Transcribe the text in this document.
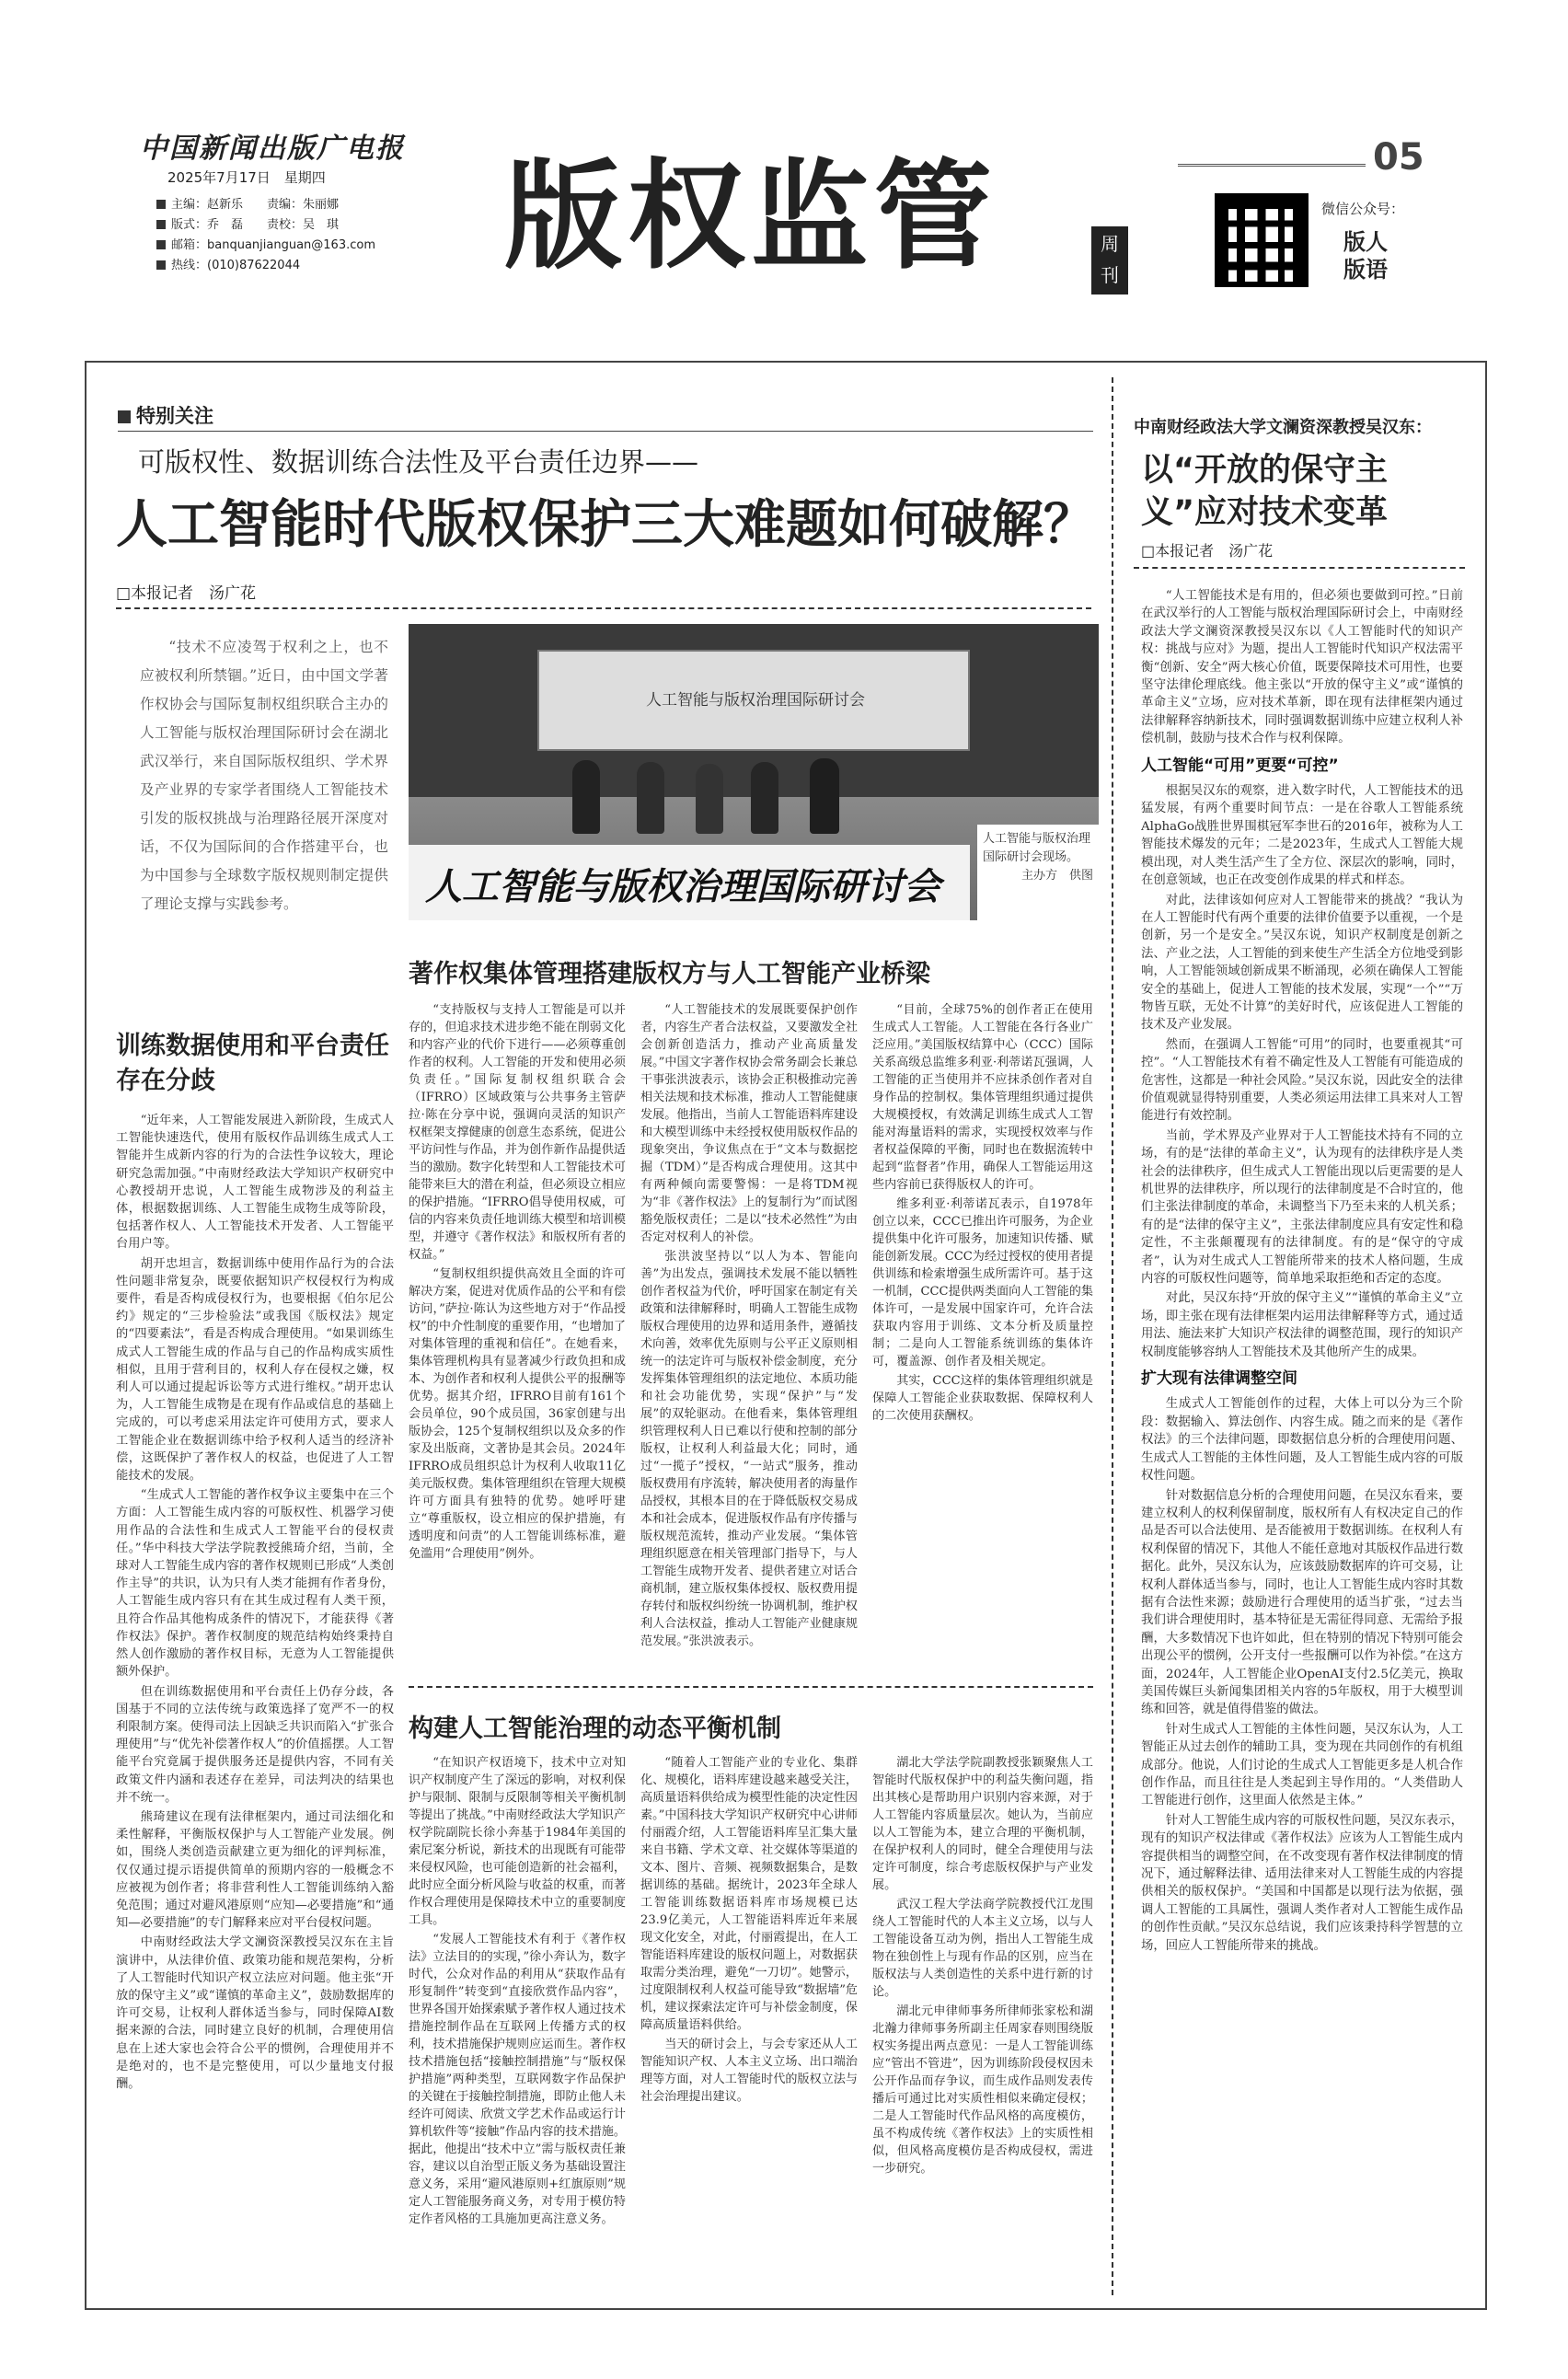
中国新闻出版广电报
2025年7月17日　星期四
主编：赵新乐　　责编：朱丽娜
版式：乔　磊　　责校：吴　琪
邮箱：banquanjianguan@163.com
热线：(010)87622044	版权监管	周刊
05
微信公众号：
版人版语
特别关注
可版权性、数据训练合法性及平台责任边界——
人工智能时代版权保护三大难题如何破解？
□本报记者　汤广花

“技术不应凌驾于权利之上，也不应被权利所禁锢。”近日，由中国文学著作权协会与国际复制权组织联合主办的人工智能与版权治理国际研讨会在湖北武汉举行，来自国际版权组织、学术界及产业界的专家学者围绕人工智能技术引发的版权挑战与治理路径展开深度对话，不仅为国际间的合作搭建平台，也为中国参与全球数字版权规则制定提供了理论支撑与实践参考。

人工智能与版权治理国际研讨会
人工智能与版权治理国际研讨会
人工智能与版权治理国际研讨会现场。
主办方　供图
著作权集体管理搭建版权方与人工智能产业桥梁
训练数据使用和平台责任存在分歧

“近年来，人工智能发展进入新阶段，生成式人工智能快速迭代，使用有版权作品训练生成式人工智能并生成新内容的行为的合法性争议较大，理论研究急需加强。”中南财经政法大学知识产权研究中心教授胡开忠说，人工智能生成物涉及的利益主体，根据数据训练、人工智能生成物生成等阶段，包括著作权人、人工智能技术开发者、人工智能平台用户等。

胡开忠坦言，数据训练中使用作品行为的合法性问题非常复杂，既要依据知识产权侵权行为构成要件，看是否构成侵权行为，也要根据《伯尔尼公约》规定的“三步检验法”或我国《版权法》规定的“四要素法”，看是否构成合理使用。“如果训练生成式人工智能生成的作品与自己的作品构成实质性相似，且用于营利目的，权利人存在侵权之嫌，权利人可以通过提起诉讼等方式进行维权。”胡开忠认为，人工智能生成物是在现有作品或信息的基础上完成的，可以考虑采用法定许可使用方式，要求人工智能企业在数据训练中给予权利人适当的经济补偿，这既保护了著作权人的权益，也促进了人工智能技术的发展。

“生成式人工智能的著作权争议主要集中在三个方面：人工智能生成内容的可版权性、机器学习使用作品的合法性和生成式人工智能平台的侵权责任。”华中科技大学法学院教授熊琦介绍，当前，全球对人工智能生成内容的著作权规则已形成“人类创作主导”的共识，认为只有人类才能拥有作者身份，人工智能生成内容只有在其生成过程有人类干预，且符合作品其他构成条件的情况下，才能获得《著作权法》保护。著作权制度的规范结构始终秉持自然人创作激励的著作权目标，无意为人工智能提供额外保护。

但在训练数据使用和平台责任上仍存分歧，各国基于不同的立法传统与政策选择了宽严不一的权利限制方案。使得司法上因缺乏共识而陷入“扩张合理使用”与“优先补偿著作权人”的价值摇摆。人工智能平台究竟属于提供服务还是提供内容，不同有关政策文件内涵和表述存在差异，司法判决的结果也并不统一。

熊琦建议在现有法律框架内，通过司法细化和柔性解释，平衡版权保护与人工智能产业发展。例如，围绕人类创造贡献建立更为细化的评判标准，仅仅通过提示语提供简单的预期内容的一般概念不应被视为创作者；将非营利性人工智能训练纳入豁免范围；通过对避风港原则“应知—必要措施”和“通知—必要措施”的专门解释来应对平台侵权问题。

中南财经政法大学文澜资深教授吴汉东在主旨演讲中，从法律价值、政策功能和规范架构，分析了人工智能时代知识产权立法应对问题。他主张“开放的保守主义”或“谨慎的革命主义”，鼓励数据库的许可交易，让权利人群体适当参与，同时保障AI数据来源的合法，同时建立良好的机制，合理使用信息在上述大家也会符合公平的惯例，合理使用并不是绝对的，也不是完整使用，可以少量地支付报酬。

“支持版权与支持人工智能是可以并存的，但追求技术进步绝不能在削弱文化和内容产业的代价下进行——必须尊重创作者的权利。人工智能的开发和使用必须负责任。”国际复制权组织联合会（IFRRO）区域政策与公共事务主管萨拉·陈在分享中说，强调向灵活的知识产权框架支撑健康的创意生态系统，促进公平访问性与作品，并为创作新作品提供适当的激励。数字化转型和人工智能技术可能带来巨大的潜在利益，但必须设立相应的保护措施。“IFRRO倡导使用权威，可信的内容来负责任地训练大模型和培训模型，并遵守《著作权法》和版权所有者的权益。”

“复制权组织提供高效且全面的许可解决方案，促进对优质作品的公平和有偿访问，”萨拉·陈认为这些地方对于“作品授权”的中介性制度的重要作用，“也增加了对集体管理的重视和信任”。在她看来，集体管理机构具有显著减少行政负担和成本、为创作者和权利人提供公平的报酬等优势。据其介绍，IFRRO目前有161个会员单位，90个成员国，36家创建与出版协会，125个复制权组织以及众多的作家及出版商，文著协是其会员。2024年IFRRO成员组织总计为权利人收取11亿美元版权费。集体管理组织在管理大规模许可方面具有独特的优势。她呼吁建立“尊重版权，设立相应的保护措施，有透明度和问责”的人工智能训练标准，避免滥用“合理使用”例外。

“人工智能技术的发展既要保护创作者，内容生产者合法权益，又要激发全社会创新创造活力，推动产业高质量发展。”中国文字著作权协会常务副会长兼总干事张洪波表示，该协会正积极推动完善相关法规和技术标准，推动人工智能健康发展。他指出，当前人工智能语料库建设和大模型训练中未经授权使用版权作品的现象突出，争议焦点在于“文本与数据挖掘（TDM）”是否构成合理使用。这其中有两种倾向需要警惕：一是将TDM视为“非《著作权法》上的复制行为”而试图豁免版权责任；二是以“技术必然性”为由否定对权利人的补偿。

张洪波坚持以“以人为本、智能向善”为出发点，强调技术发展不能以牺牲创作者权益为代价，呼吁国家在制定有关政策和法律解释时，明确人工智能生成物版权合理使用的边界和适用条件，遵循技术向善，效率优先原则与公平正义原则相统一的法定许可与版权补偿金制度，充分发挥集体管理组织的法定地位、本质功能和社会功能优势，实现“保护”与“发展”的双轮驱动。在他看来，集体管理组织管理权利人日已难以行使和控制的部分版权，让权利人利益最大化；同时，通过“一揽子”授权，“一站式”服务，推动版权费用有序流转，解决使用者的海量作品授权，其根本目的在于降低版权交易成本和社会成本，促进版权作品有序传播与版权规范流转，推动产业发展。“集体管理组织愿意在相关管理部门指导下，与人工智能生成物开发者、提供者建立对话合商机制，建立版权集体授权、版权费用提存转付和版权纠纷统一协调机制，维护权利人合法权益，推动人工智能产业健康规范发展。”张洪波表示。

“目前，全球75%的创作者正在使用生成式人工智能。人工智能在各行各业广泛应用。”美国版权结算中心（CCC）国际关系高级总监维多利亚·利蒂诺瓦强调，人工智能的正当使用并不应抹杀创作者对自身作品的控制权。集体管理组织通过提供大规模授权，有效满足训练生成式人工智能对海量语料的需求，实现授权效率与作者权益保障的平衡，同时也在数据流转中起到“监督者”作用，确保人工智能运用这些内容前已获得版权人的许可。

维多利亚·利蒂诺瓦表示，自1978年创立以来，CCC已推出许可服务，为企业提供集中化许可服务，加速知识传播、赋能创新发展。CCC为经过授权的使用者提供训练和检索增强生成所需许可。基于这一机制，CCC提供两类面向人工智能的集体许可，一是发展中国家许可，允许合法获取内容用于训练、文本分析及质量控制；二是向人工智能系统训练的集体许可，覆盖源、创作者及相关规定。

其实，CCC这样的集体管理组织就是保障人工智能企业获取数据、保障权利人的二次使用获酬权。

构建人工智能治理的动态平衡机制

“在知识产权语境下，技术中立对知识产权制度产生了深远的影响，对权利保护与限制、限制与反限制等相关平衡机制等提出了挑战。”中南财经政法大学知识产权学院副院长徐小奔基于1984年美国的索尼案分析说，新技术的出现既有可能带来侵权风险，也可能创造新的社会福利，此时应全面分析风险与收益的权重，而著作权合理使用是保障技术中立的重要制度工具。

“发展人工智能技术有利于《著作权法》立法目的的实现，”徐小奔认为，数字时代，公众对作品的利用从“获取作品有形复制件”转变到“直接欣赏作品内容”，世界各国开始探索赋予著作权人通过技术措施控制作品在互联网上传播方式的权利，技术措施保护规则应运而生。著作权技术措施包括“接触控制措施”与“版权保护措施”两种类型，互联网数字作品保护的关键在于接触控制措施，即防止他人未经许可阅读、欣赏文学艺术作品或运行计算机软件等“接触”作品内容的技术措施。据此，他提出“技术中立”需与版权责任兼容，建议以自治型正版义务为基础设置注意义务，采用“避风港原则+红旗原则”规定人工智能服务商义务，对专用于模仿特定作者风格的工具施加更高注意义务。

“随着人工智能产业的专业化、集群化、规模化，语料库建设越来越受关注，高质量语料供给成为模型性能的决定性因素。”中国科技大学知识产权研究中心讲师付丽霞介绍，人工智能语料库呈汇集大量来自书籍、学术文章、社交媒体等渠道的文本、图片、音频、视频数据集合，是数据训练的基础。据统计，2023年全球人工智能训练数据语料库市场规模已达23.9亿美元，人工智能语料库近年来展现文化安全，对此，付丽霞提出，在人工智能语料库建设的版权问题上，对数据获取需分类治理，避免“一刀切”。她警示，过度限制权利人权益可能导致“数据墙”危机，建议探索法定许可与补偿金制度，保障高质量语料供给。

当天的研讨会上，与会专家还从人工智能知识产权、人本主义立场、出口端治理等方面，对人工智能时代的版权立法与社会治理提出建议。

湖北大学法学院副教授张颖聚焦人工智能时代版权保护中的利益失衡问题，指出其核心是帮助用户识别内容来源，对于人工智能内容质量层次。她认为，当前应以人工智能为本，建立合理的平衡机制，在保护权利人的同时，健全合理使用与法定许可制度，综合考虑版权保护与产业发展。

武汉工程大学法商学院教授代江龙围绕人工智能时代的人本主义立场，以与人工智能设备互动为例，指出人工智能生成物在独创性上与现有作品的区别，应当在版权法与人类创造性的关系中进行新的讨论。

湖北元申律师事务所律师张家松和湖北瀚力律师事务所副主任周家春则围绕版权实务提出两点意见：一是人工智能训练应“管出不管进”，因为训练阶段侵权因未公开作品而存争议，而生成作品则发表传播后可通过比对实质性相似来确定侵权；二是人工智能时代作品风格的高度模仿，虽不构成传统《著作权法》上的实质性相似，但风格高度模仿是否构成侵权，需进一步研究。

中南财经政法大学文澜资深教授吴汉东：
以“开放的保守主义”应对技术变革
□本报记者　汤广花

“人工智能技术是有用的，但必须也要做到可控。”日前在武汉举行的人工智能与版权治理国际研讨会上，中南财经政法大学文澜资深教授吴汉东以《人工智能时代的知识产权：挑战与应对》为题，提出人工智能时代知识产权法需平衡“创新、安全”两大核心价值，既要保障技术可用性，也要坚守法律伦理底线。他主张以“开放的保守主义”或“谨慎的革命主义”立场，应对技术革新，即在现有法律框架内通过法律解释容纳新技术，同时强调数据训练中应建立权利人补偿机制，鼓励与技术合作与权利保障。

人工智能“可用”更要“可控”

根据吴汉东的观察，进入数字时代，人工智能技术的迅猛发展，有两个重要时间节点：一是在谷歌人工智能系统AlphaGo战胜世界围棋冠军李世石的2016年，被称为人工智能技术爆发的元年；二是2023年，生成式人工智能大规模出现，对人类生活产生了全方位、深层次的影响，同时，在创意领域，也正在改变创作成果的样式和样态。

对此，法律该如何应对人工智能带来的挑战？“我认为在人工智能时代有两个重要的法律价值要予以重视，一个是创新，另一个是安全。”吴汉东说，知识产权制度是创新之法、产业之法，人工智能的到来使生产生活全方位地受到影响，人工智能领域创新成果不断涌现，必须在确保人工智能安全的基础上，促进人工智能的技术发展，实现“一个”“万物皆互联，无处不计算”的美好时代，应该促进人工智能的技术及产业发展。

然而，在强调人工智能“可用”的同时，也要重视其“可控”。“人工智能技术有着不确定性及人工智能有可能造成的危害性，这都是一种社会风险。”吴汉东说，因此安全的法律价值观就显得特别重要，人类必须运用法律工具来对人工智能进行有效控制。

当前，学术界及产业界对于人工智能技术持有不同的立场，有的是“法律的革命主义”，认为现有的法律秩序是人类社会的法律秩序，但生成式人工智能出现以后更需要的是人机世界的法律秩序，所以现行的法律制度是不合时宜的，他们主张法律制度的革命，未调整当下乃至未来的人机关系；有的是“法律的保守主义”，主张法律制度应具有安定性和稳定性，不主张颠覆现有的法律制度。有的是“保守的守成者”，认为对生成式人工智能所带来的技术人格问题，生成内容的可版权性问题等，简单地采取拒绝和否定的态度。

对此，吴汉东持“开放的保守主义”“谨慎的革命主义”立场，即主张在现有法律框架内运用法律解释等方式，通过适用法、施法来扩大知识产权法律的调整范围，现行的知识产权制度能够容纳人工智能技术及其他所产生的成果。

扩大现有法律调整空间

生成式人工智能创作的过程，大体上可以分为三个阶段：数据输入、算法创作、内容生成。随之而来的是《著作权法》的三个法律问题，即数据信息分析的合理使用问题、生成式人工智能的主体性问题，及人工智能生成内容的可版权性问题。

针对数据信息分析的合理使用问题，在吴汉东看来，要建立权利人的权利保留制度，版权所有人有权决定自己的作品是否可以合法使用、是否能被用于数据训练。在权利人有权利保留的情况下，其他人不能任意地对其版权作品进行数据化。此外，吴汉东认为，应该鼓励数据库的许可交易，让权利人群体适当参与，同时，也让人工智能生成内容时其数据有合法性来源；鼓励进行合理使用的适当扩张，“过去当我们讲合理使用时，基本特征是无需征得同意、无需给予报酬，大多数情况下也许如此，但在特别的情况下特别可能会出现公平的惯例，公开支付一些报酬可以作为补偿。”在这方面，2024年，人工智能企业OpenAI支付2.5亿美元，换取美国传媒巨头新闻集团相关内容的5年版权，用于大模型训练和回答，就是值得借鉴的做法。

针对生成式人工智能的主体性问题，吴汉东认为，人工智能正从过去创作的辅助工具，变为现在共同创作的有机组成部分。他说，人们讨论的生成式人工智能更多是人机合作创作作品，而且往往是人类起到主导作用的。“人类借助人工智能进行创作，这里面人依然是主体。”

针对人工智能生成内容的可版权性问题，吴汉东表示，现有的知识产权法律或《著作权法》应该为人工智能生成内容提供相当的调整空间，在不改变现有著作权法律制度的情况下，通过解释法律、适用法律来对人工智能生成的内容提供相关的版权保护。“美国和中国都是以现行法为依据，强调人工智能的工具属性，强调人类作者对人工智能生成作品的创作性贡献。”吴汉东总结说，我们应该秉持科学智慧的立场，回应人工智能所带来的挑战。
